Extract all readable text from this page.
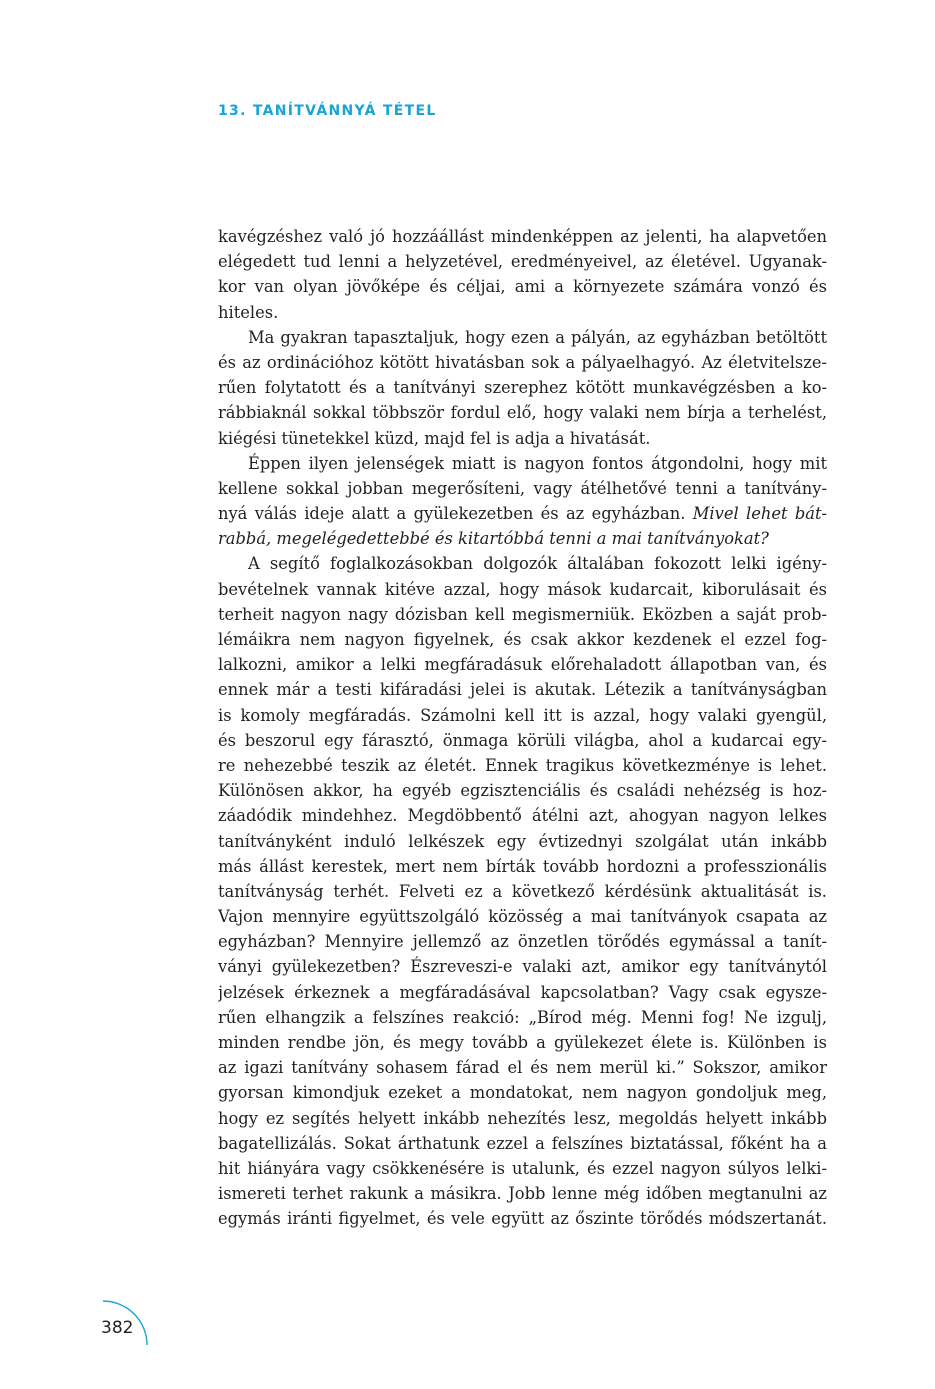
13. TANÍTVÁNNYÁ TÉTEL
kavégzéshez való jó hozzáállást mindenképpen az jelenti, ha alapvetően
elégedett tud lenni a helyzetével, eredményeivel, az életével. Ugyanak-
kor van olyan jövőképe és céljai, ami a környezete számára vonzó és
hiteles.
Ma gyakran tapasztaljuk, hogy ezen a pályán, az egyházban betöltött
és az ordinációhoz kötött hivatásban sok a pályaelhagyó. Az életvitelsze-
rűen folytatott és a tanítványi szerephez kötött munkavégzésben a ko-
rábbiaknál sokkal többször fordul elő, hogy valaki nem bírja a terhelést,
kiégési tünetekkel küzd, majd fel is adja a hivatását.
Éppen ilyen jelenségek miatt is nagyon fontos átgondolni, hogy mit
kellene sokkal jobban megerősíteni, vagy átélhetővé tenni a tanítvány-
nyá válás ideje alatt a gyülekezetben és az egyházban. Mivel lehet bát-
rabbá, megelégedettebbé és kitartóbbá tenni a mai tanítványokat?
A segítő foglalkozásokban dolgozók általában fokozott lelki igény-
bevételnek vannak kitéve azzal, hogy mások kudarcait, kiborulásait és
terheit nagyon nagy dózisban kell megismerniük. Eközben a saját prob-
lémáikra nem nagyon figyelnek, és csak akkor kezdenek el ezzel fog-
lalkozni, amikor a lelki megfáradásuk előrehaladott állapotban van, és
ennek már a testi kifáradási jelei is akutak. Létezik a tanítványságban
is komoly megfáradás. Számolni kell itt is azzal, hogy valaki gyengül,
és beszorul egy fárasztó, önmaga körüli világba, ahol a kudarcai egy-
re nehezebbé teszik az életét. Ennek tragikus következménye is lehet.
Különösen akkor, ha egyéb egzisztenciális és családi nehézség is hoz-
záadódik mindehhez. Megdöbbentő átélni azt, ahogyan nagyon lelkes
tanítványként induló lelkészek egy évtizednyi szolgálat után inkább
más állást kerestek, mert nem bírták tovább hordozni a professzionális
tanítványság terhét. Felveti ez a következő kérdésünk aktualitását is.
Vajon mennyire együttszolgáló közösség a mai tanítványok csapata az
egyházban? Mennyire jellemző az önzetlen törődés egymással a tanít-
ványi gyülekezetben? Észreveszi-e valaki azt, amikor egy tanítványtól
jelzések érkeznek a megfáradásával kapcsolatban? Vagy csak egysze-
rűen elhangzik a felszínes reakció: „Bírod még. Menni fog! Ne izgulj,
minden rendbe jön, és megy tovább a gyülekezet élete is. Különben is
az igazi tanítvány sohasem fárad el és nem merül ki.” Sokszor, amikor
gyorsan kimondjuk ezeket a mondatokat, nem nagyon gondoljuk meg,
hogy ez segítés helyett inkább nehezítés lesz, megoldás helyett inkább
bagatellizálás. Sokat árthatunk ezzel a felszínes biztatással, főként ha a
hit hiányára vagy csökkenésére is utalunk, és ezzel nagyon súlyos lelki-
ismereti terhet rakunk a másikra. Jobb lenne még időben megtanulni az
egymás iránti figyelmet, és vele együtt az őszinte törődés módszertanát.
382
